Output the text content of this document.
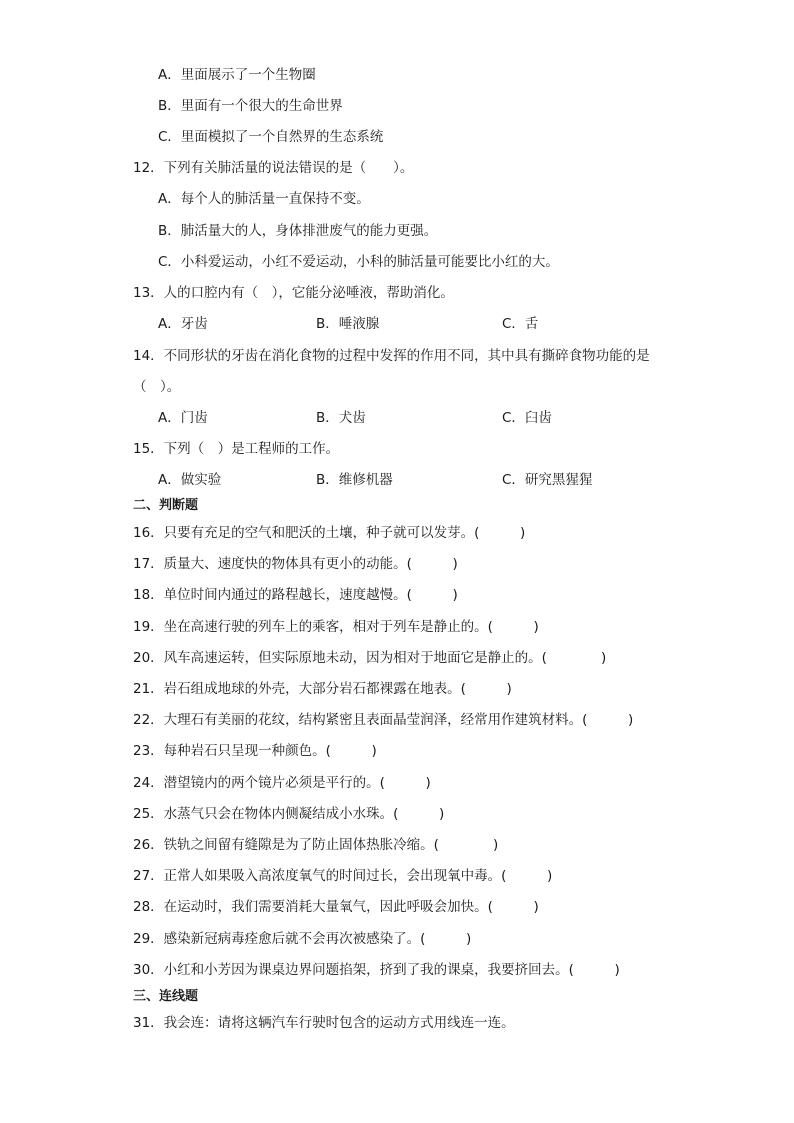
A．里面展示了一个生物圈
B．里面有一个很大的生命世界
C．里面模拟了一个自然界的生态系统
12．下列有关肺活量的说法错误的是（　　）。
A．每个人的肺活量一直保持不变。
B．肺活量大的人，身体排泄废气的能力更强。
C．小科爱运动，小红不爱运动，小科的肺活量可能要比小红的大。
13．人的口腔内有（　），它能分泌唾液，帮助消化。
A．牙齿	B．唾液腺	C．舌
14．不同形状的牙齿在消化食物的过程中发挥的作用不同，其中具有撕碎食物功能的是
（　）。
A．门齿	B．犬齿	C．臼齿
15．下列（　）是工程师的工作。
A．做实验	B．维修机器	C．研究黑猩猩
二、判断题
16．只要有充足的空气和肥沃的土壤，种子就可以发芽。(　　　)
17．质量大、速度快的物体具有更小的动能。(　　　)
18．单位时间内通过的路程越长，速度越慢。(　　　)
19．坐在高速行驶的列车上的乘客，相对于列车是静止的。(　　　)
20．风车高速运转，但实际原地未动，因为相对于地面它是静止的。(　　　　)
21．岩石组成地球的外壳，大部分岩石都裸露在地表。(　　　)
22．大理石有美丽的花纹，结构紧密且表面晶莹润泽，经常用作建筑材料。(　　　)
23．每种岩石只呈现一种颜色。(　　　)
24．潜望镜内的两个镜片必须是平行的。(　　　)
25．水蒸气只会在物体内侧凝结成小水珠。(　　　)
26．铁轨之间留有缝隙是为了防止固体热胀冷缩。(　　　　)
27．正常人如果吸入高浓度氧气的时间过长，会出现氧中毒。(　　　)
28．在运动时，我们需要消耗大量氧气，因此呼吸会加快。(　　　)
29．感染新冠病毒痊愈后就不会再次被感染了。(　　　)
30．小红和小芳因为课桌边界问题掐架，挤到了我的课桌，我要挤回去。(　　　)
三、连线题
31．我会连：请将这辆汽车行驶时包含的运动方式用线连一连。
